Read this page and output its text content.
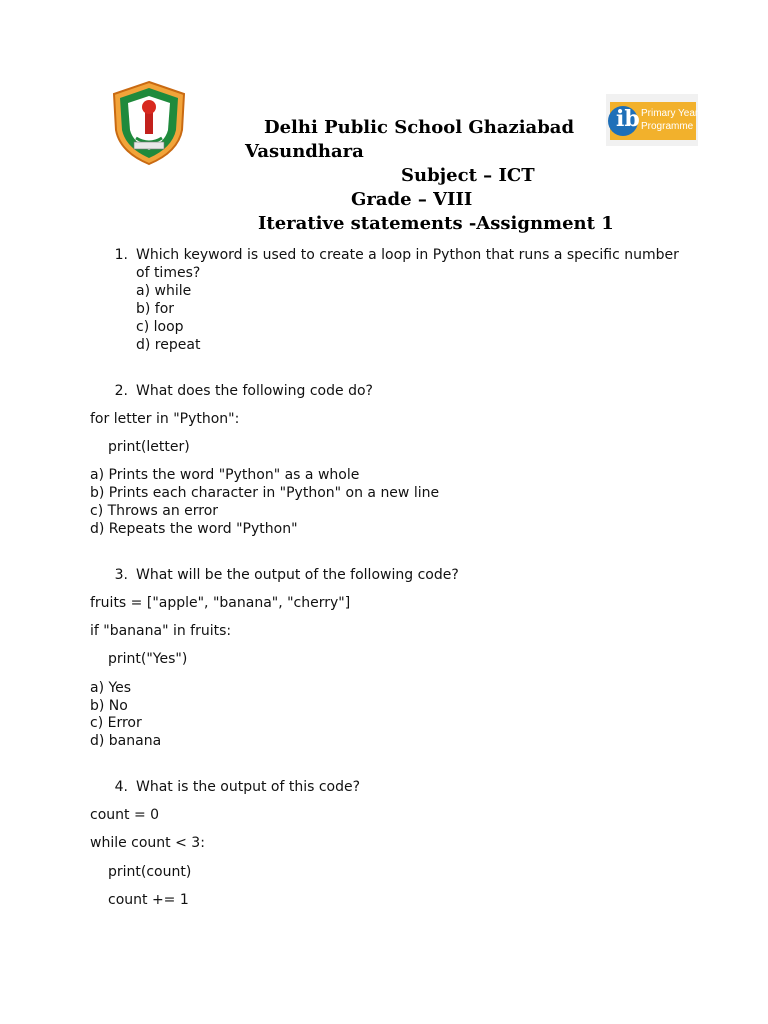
ib Primary Years
Programme
Delhi Public School Ghaziabad
Vasundhara
Subject – ICT
Grade – VIII
Iterative statements -Assignment 1
1. Which keyword is used to create a loop in Python that runs a specific number
of times?
a) while
b) for
c) loop
d) repeat
2. What does the following code do?
for letter in "Python":
print(letter)
a) Prints the word "Python" as a whole
b) Prints each character in "Python" on a new line
c) Throws an error
d) Repeats the word "Python"
3. What will be the output of the following code?
fruits = ["apple", "banana", "cherry"]
if "banana" in fruits:
print("Yes")
a) Yes
b) No
c) Error
d) banana
4. What is the output of this code?
count = 0
while count < 3:
print(count)
count += 1
